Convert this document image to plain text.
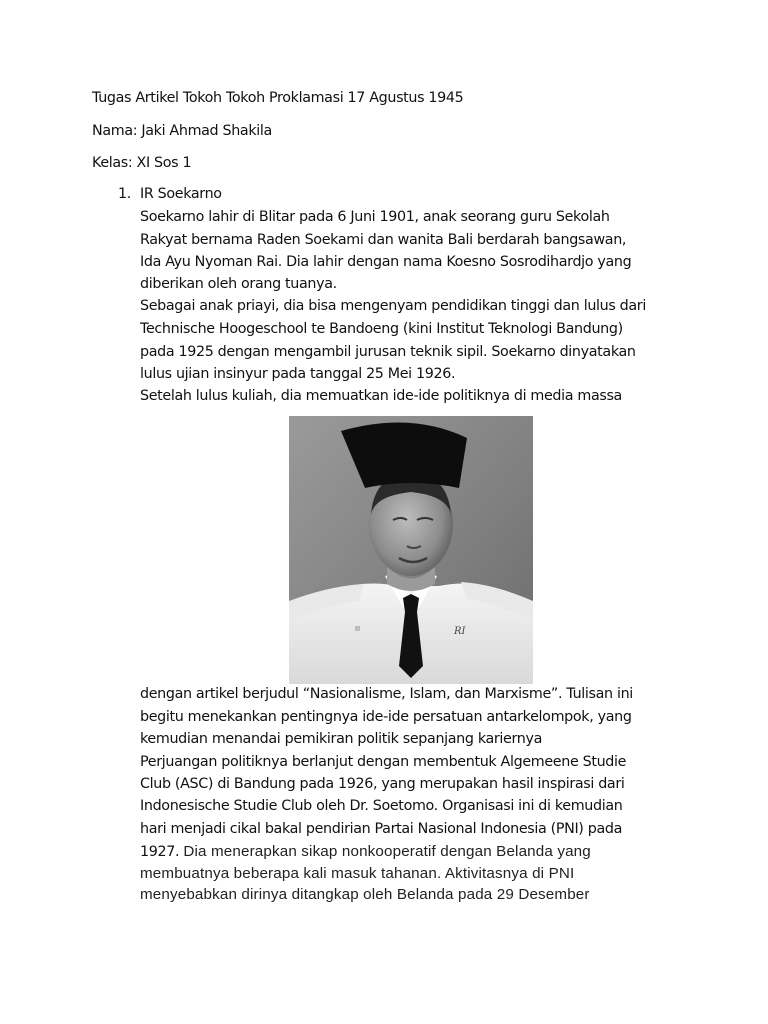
Tugas Artikel Tokoh Tokoh Proklamasi 17 Agustus 1945
Nama: Jaki Ahmad Shakila
Kelas: XI Sos 1
1. IR Soekarno
Soekarno lahir di Blitar pada 6 Juni 1901, anak seorang guru Sekolah
Rakyat bernama Raden Soekami dan wanita Bali berdarah bangsawan,
Ida Ayu Nyoman Rai. Dia lahir dengan nama Koesno Sosrodihardjo yang
diberikan oleh orang tuanya.
Sebagai anak priayi, dia bisa mengenyam pendidikan tinggi dan lulus dari
Technische Hoogeschool te Bandoeng (kini Institut Teknologi Bandung)
pada 1925 dengan mengambil jurusan teknik sipil. Soekarno dinyatakan
lulus ujian insinyur pada tanggal 25 Mei 1926.
Setelah lulus kuliah, dia memuatkan ide-ide politiknya di media massa
RI
dengan artikel berjudul “Nasionalisme, Islam, dan Marxisme”. Tulisan ini
begitu menekankan pentingnya ide-ide persatuan antarkelompok, yang
kemudian menandai pemikiran politik sepanjang kariernya
Perjuangan politiknya berlanjut dengan membentuk Algemeene Studie
Club (ASC) di Bandung pada 1926, yang merupakan hasil inspirasi dari
Indonesische Studie Club oleh Dr. Soetomo. Organisasi ini di kemudian
hari menjadi cikal bakal pendirian Partai Nasional Indonesia (PNI) pada
1927. Dia menerapkan sikap nonkooperatif dengan Belanda yang
membuatnya beberapa kali masuk tahanan. Aktivitasnya di PNI
menyebabkan dirinya ditangkap oleh Belanda pada 29 Desember
